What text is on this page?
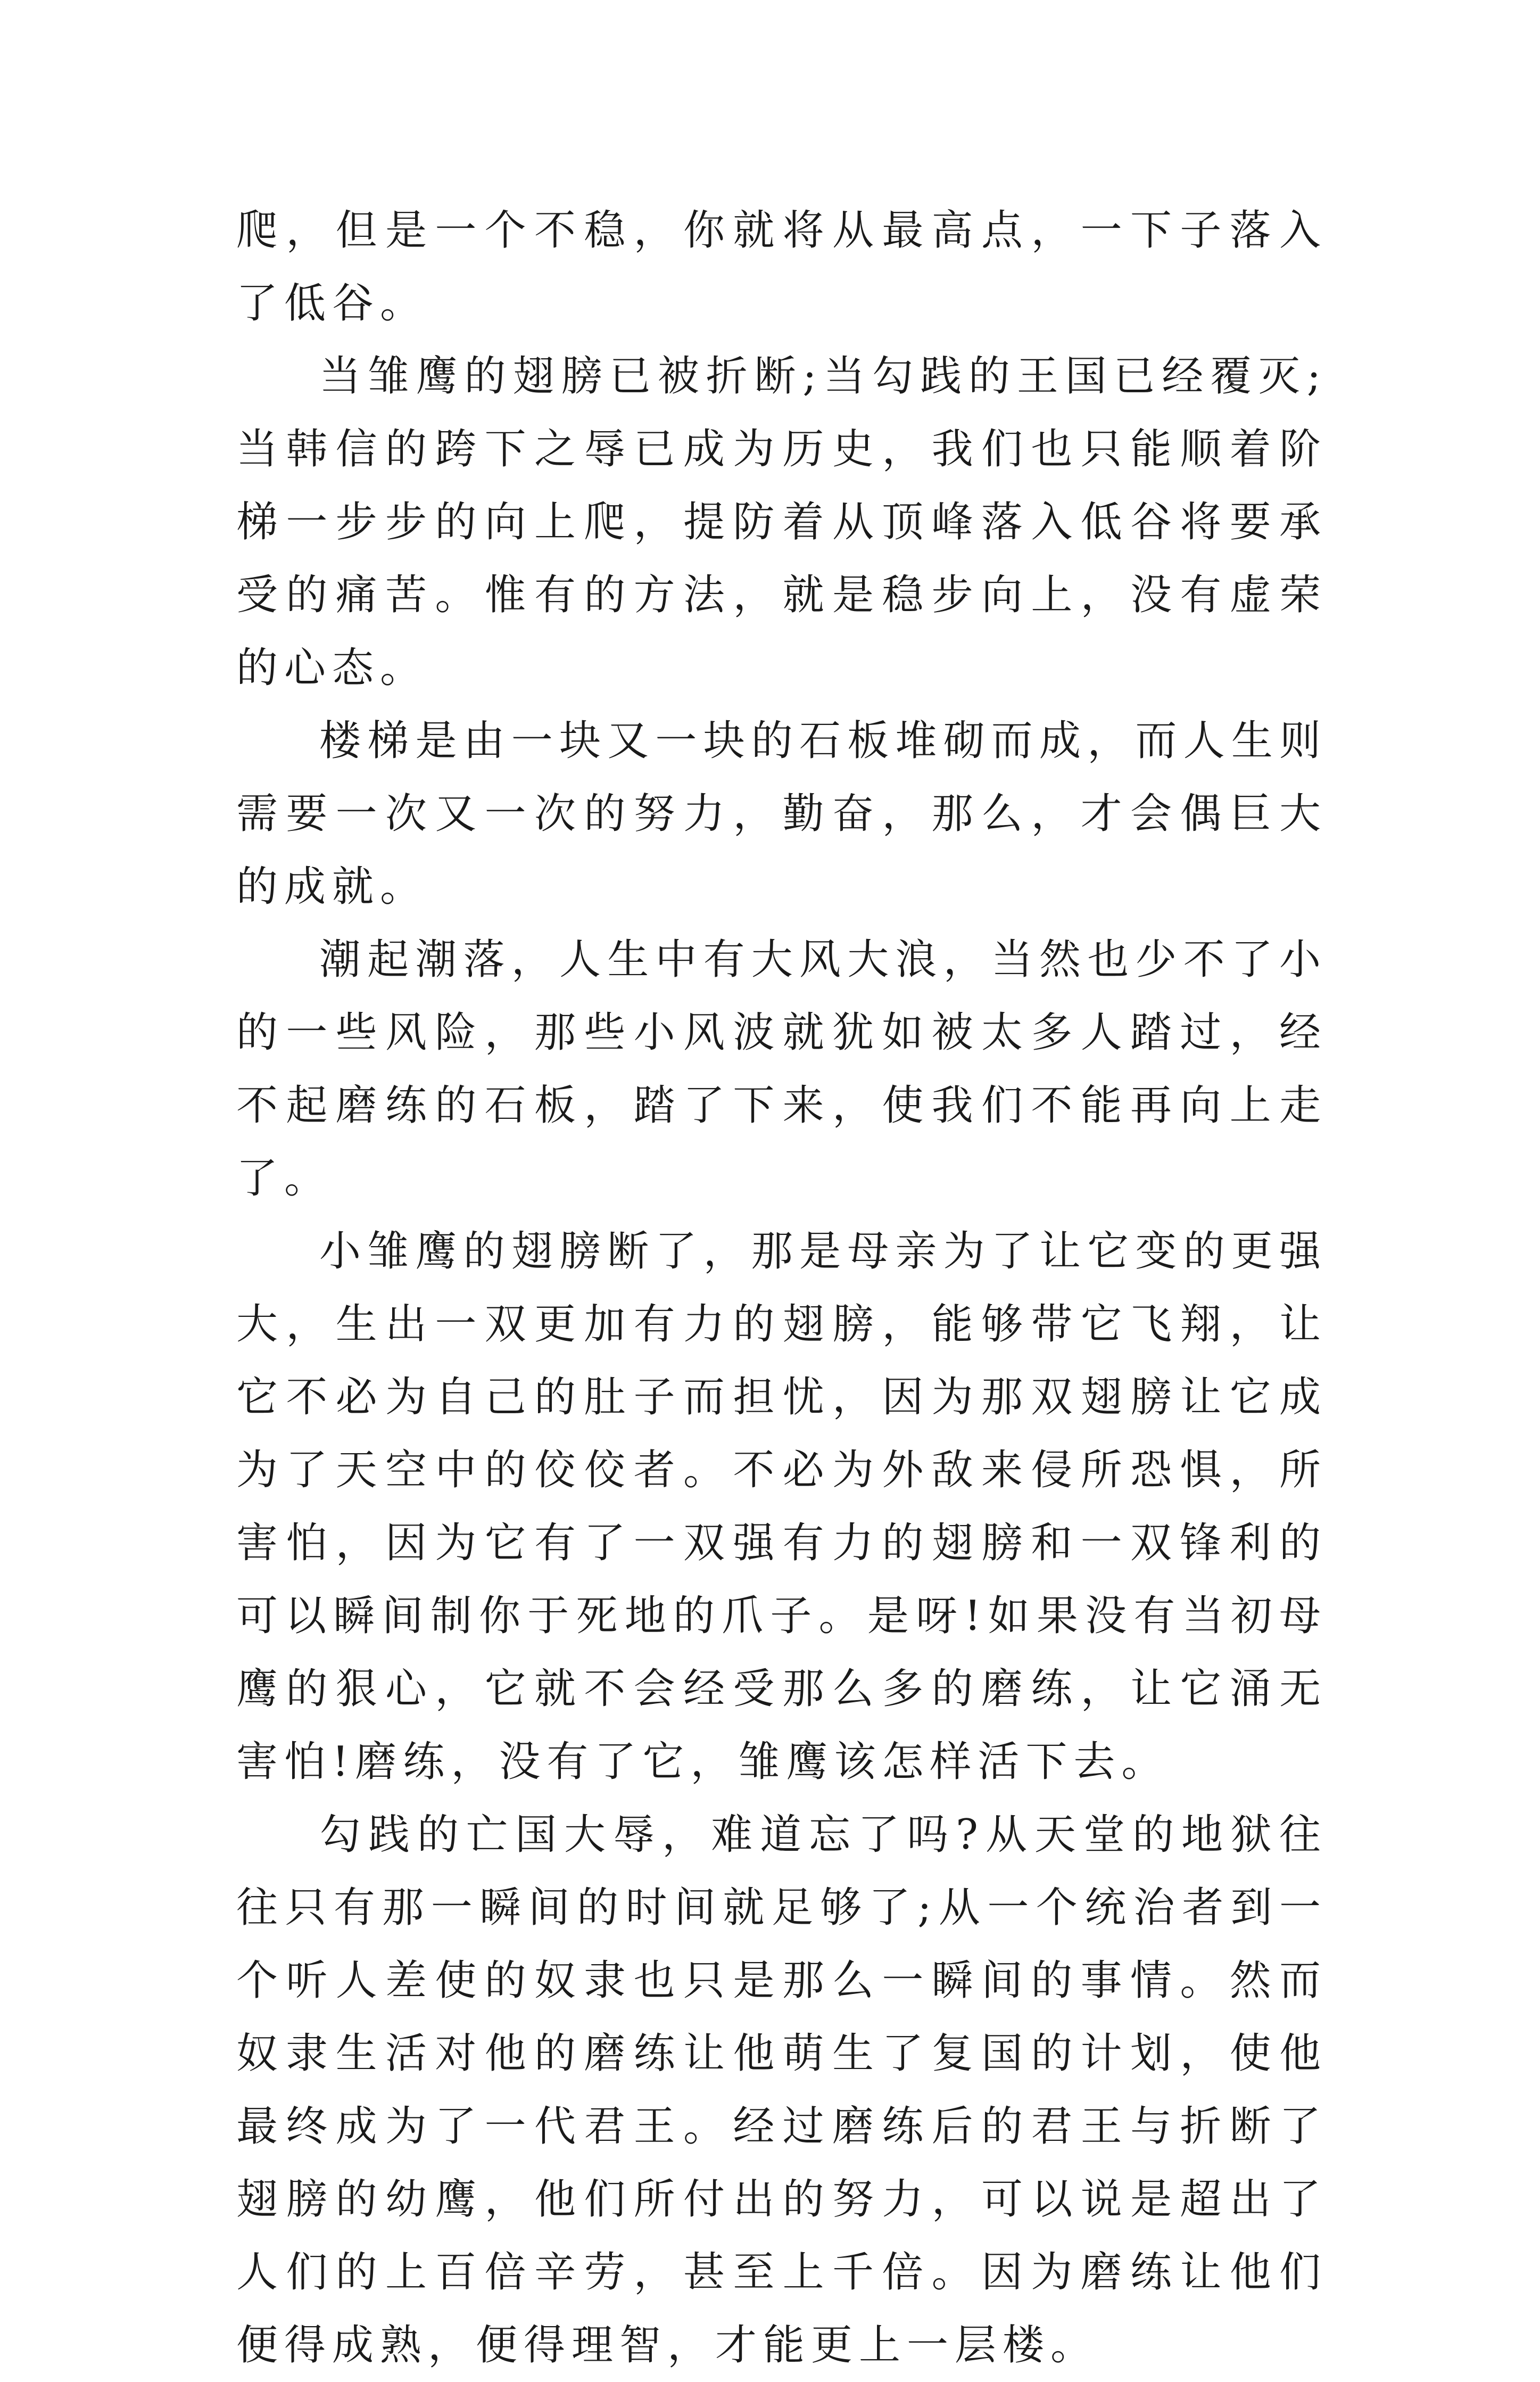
爬，但是一个不稳，你就将从最高点，一下子落入了低谷。

当雏鹰的翅膀已被折断;当勾践的王国已经覆灭;当韩信的跨下之辱已成为历史，我们也只能顺着阶梯一步步的向上爬，提防着从顶峰落入低谷将要承受的痛苦。惟有的方法，就是稳步向上，没有虚荣的心态。

楼梯是由一块又一块的石板堆砌而成，而人生则需要一次又一次的努力，勤奋，那么，才会偶巨大的成就。

潮起潮落，人生中有大风大浪，当然也少不了小的一些风险，那些小风波就犹如被太多人踏过，经不起磨练的石板，踏了下来，使我们不能再向上走了。

小雏鹰的翅膀断了，那是母亲为了让它变的更强大，生出一双更加有力的翅膀，能够带它飞翔，让它不必为自己的肚子而担忧，因为那双翅膀让它成为了天空中的佼佼者。不必为外敌来侵所恐惧，所害怕，因为它有了一双强有力的翅膀和一双锋利的可以瞬间制你于死地的爪子。是呀!如果没有当初母鹰的狠心，它就不会经受那么多的磨练，让它涌无害怕!磨练，没有了它，雏鹰该怎样活下去。

勾践的亡国大辱，难道忘了吗?从天堂的地狱往往只有那一瞬间的时间就足够了;从一个统治者到一个听人差使的奴隶也只是那么一瞬间的事情。然而奴隶生活对他的磨练让他萌生了复国的计划，使他最终成为了一代君王。经过磨练后的君王与折断了翅膀的幼鹰，他们所付出的努力，可以说是超出了人们的上百倍辛劳，甚至上千倍。因为磨练让他们便得成熟，便得理智，才能更上一层楼。
